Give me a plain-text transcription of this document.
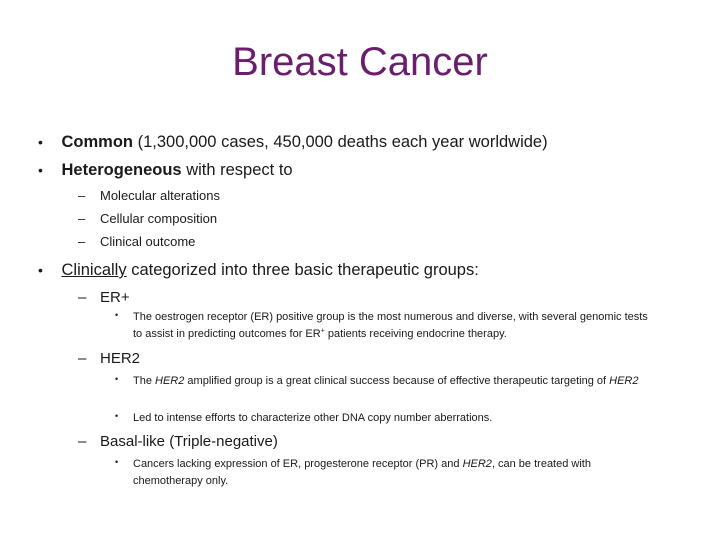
Breast Cancer
• Common (1,300,000 cases, 450,000 deaths each year worldwide)
• Heterogeneous with respect to
– Molecular alterations
– Cellular composition
– Clinical outcome
• Clinically categorized into three basic therapeutic groups:
– ER+
•	The oestrogen receptor (ER) positive group is the most numerous and diverse, with several genomic tests to assist in predicting outcomes for ER+ patients receiving endocrine therapy.
– HER2
•	The HER2 amplified group is a great clinical success because of effective therapeutic targeting of HER2
•	Led to intense efforts to characterize other DNA copy number aberrations.
– Basal-like (Triple-negative)
•	Cancers lacking expression of ER, progesterone receptor (PR) and HER2, can be treated with chemotherapy only.
